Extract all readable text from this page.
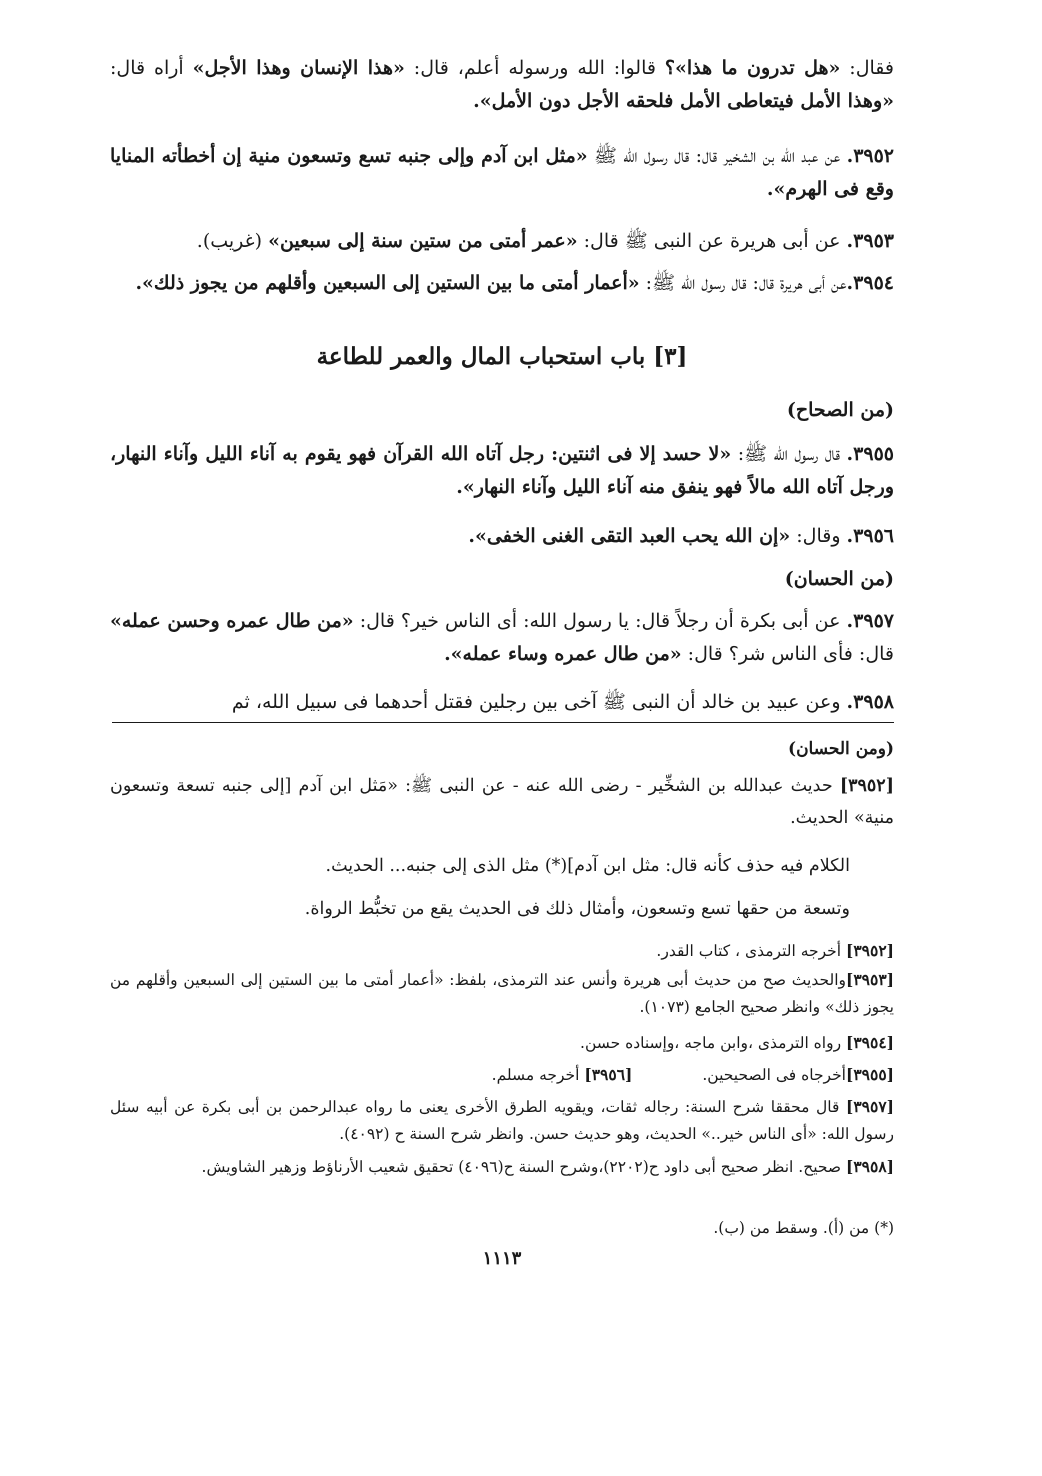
فقال: «هل تدرون ما هذا»؟ قالوا: الله ورسوله أعلم، قال: «هذا الإنسان وهذا الأجل» أراه قال: «وهذا الأمل فيتعاطى الأمل فلحقه الأجل دون الأمل».
٣٩٥٢. عن عبد الله بن الشخير قال: قال رسول الله ﷺ «مثل ابن آدم وإلى جنبه تسع وتسعون منية إن أخطأته المنايا وقع فى الهرم».
٣٩٥٣. عن أبى هريرة عن النبى ﷺ قال: «عمر أمتى من ستين سنة إلى سبعين» (غريب).
٣٩٥٤.عن أبى هريرة قال: قال رسول الله ﷺ: «أعمار أمتى ما بين الستين إلى السبعين وأقلهم من يجوز ذلك».
[٣] باب استحباب المال والعمر للطاعة
(من الصحاح)
٣٩٥٥. قال رسول الله ﷺ: «لا حسد إلا فى اثنتين: رجل آتاه الله القرآن فهو يقوم به آناء الليل وآناء النهار، ورجل آتاه الله مالاً فهو ينفق منه آناء الليل وآناء النهار».
٣٩٥٦. وقال: «إن الله يحب العبد التقى الغنى الخفى».
(من الحسان)
٣٩٥٧. عن أبى بكرة أن رجلاً قال: يا رسول الله: أى الناس خير؟ قال: «من طال عمره وحسن عمله» قال: فأى الناس شر؟ قال: «من طال عمره وساء عمله».
٣٩٥٨. وعن عبيد بن خالد أن النبى ﷺ آخى بين رجلين فقتل أحدهما فى سبيل الله، ثم
(ومن الحسان)
[٣٩٥٢] حديث عبدالله بن الشخِّير - رضى الله عنه - عن النبى ﷺ: «مَثل ابن آدم [إلى جنبه تسعة وتسعون منية» الحديث.
الكلام فيه حذف كأنه قال: مثل ابن آدم](*) مثل الذى إلى جنبه... الحديث.
وتسعة من حقها تسع وتسعون، وأمثال ذلك فى الحديث يقع من تخبُّط الرواة.
[٣٩٥٢] أخرجه الترمذى ، كتاب القدر.
[٣٩٥٣]والحديث صح من حديث أبى هريرة وأنس عند الترمذى، بلفظ: «أعمار أمتى ما بين الستين إلى السبعين وأقلهم من يجوز ذلك» وانظر صحيح الجامع (١٠٧٣).
[٣٩٥٤] رواه الترمذى ،وابن ماجه ،وإسناده حسن.
[٣٩٥٥]أخرجاه فى الصحيحين.[٣٩٥٦] أخرجه مسلم.
[٣٩٥٧] قال محققا شرح السنة: رجاله ثقات، ويقويه الطرق الأخرى يعنى ما رواه عبدالرحمن بن أبى بكرة عن أبيه سئل رسول الله: «أى الناس خير..» الحديث، وهو حديث حسن. وانظر شرح السنة ح (٤٠٩٢).
[٣٩٥٨] صحيح. انظر صحيح أبى داود ح(٢٢٠٢)،وشرح السنة ح(٤٠٩٦) تحقيق شعيب الأرناؤط وزهير الشاويش.
(*) من (أ). وسقط من (ب).
١١١٣
